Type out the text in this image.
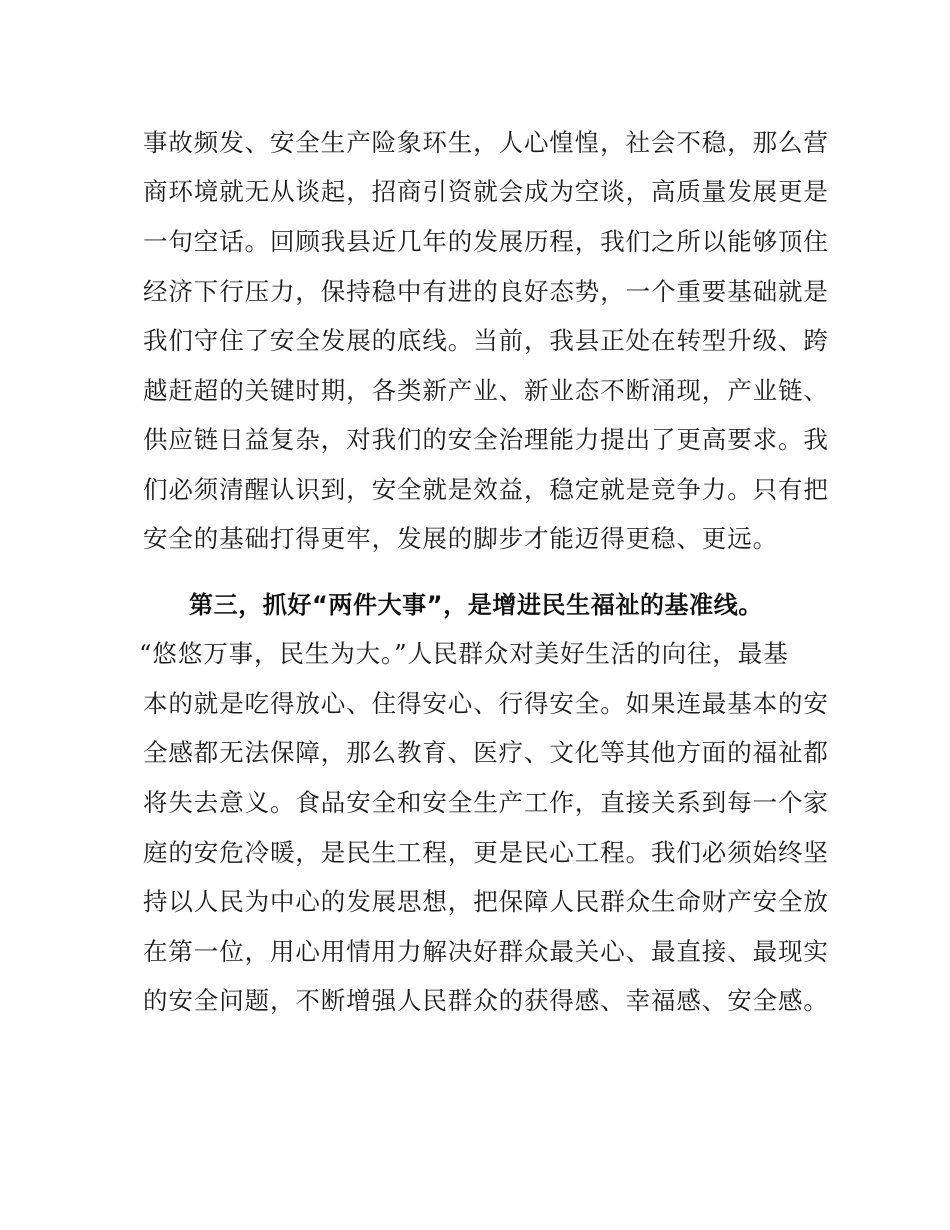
事故频发、安全生产险象环生，人心惶惶，社会不稳，那么营
商环境就无从谈起，招商引资就会成为空谈，高质量发展更是
一句空话。回顾我县近几年的发展历程，我们之所以能够顶住
经济下行压力，保持稳中有进的良好态势，一个重要基础就是
我们守住了安全发展的底线。当前，我县正处在转型升级、跨
越赶超的关键时期，各类新产业、新业态不断涌现，产业链、
供应链日益复杂，对我们的安全治理能力提出了更高要求。我
们必须清醒认识到，安全就是效益，稳定就是竞争力。只有把
安全的基础打得更牢，发展的脚步才能迈得更稳、更远。
第三，抓好“两件大事”，是增进民生福祉的基准线。
“悠悠万事，民生为大。”人民群众对美好生活的向往，最基
本的就是吃得放心、住得安心、行得安全。如果连最基本的安
全感都无法保障，那么教育、医疗、文化等其他方面的福祉都
将失去意义。食品安全和安全生产工作，直接关系到每一个家
庭的安危冷暖，是民生工程，更是民心工程。我们必须始终坚
持以人民为中心的发展思想，把保障人民群众生命财产安全放
在第一位，用心用情用力解决好群众最关心、最直接、最现实
的安全问题，不断增强人民群众的获得感、幸福感、安全感。
